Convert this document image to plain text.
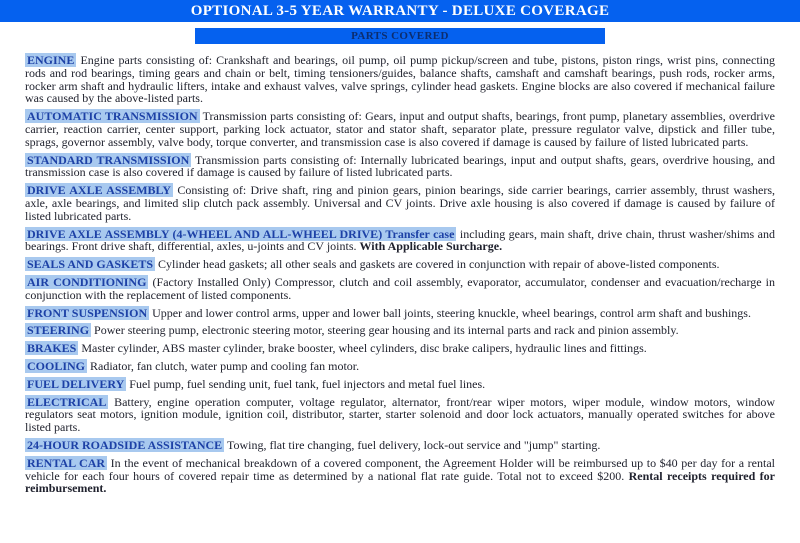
OPTIONAL 3-5 YEAR WARRANTY - DELUXE COVERAGE
PARTS COVERED

ENGINE Engine parts consisting of: Crankshaft and bearings, oil pump, oil pump pickup/screen and tube, pistons, piston rings, wrist pins, connecting rods and rod bearings, timing gears and chain or belt, timing tensioners/guides, balance shafts, camshaft and camshaft bearings, push rods, rocker arms, rocker arm shaft and hydraulic lifters, intake and exhaust valves, valve springs, cylinder head gaskets. Engine blocks are also covered if mechanical failure was caused by the above-listed parts.

AUTOMATIC TRANSMISSION Transmission parts consisting of: Gears, input and output shafts, bearings, front pump, planetary assemblies, overdrive carrier, reaction carrier, center support, parking lock actuator, stator and stator shaft, separator plate, pressure regulator valve, dipstick and filler tube, sprags, governor assembly, valve body, torque converter, and transmission case is also covered if damage is caused by failure of listed lubricated parts.

STANDARD TRANSMISSION Transmission parts consisting of: Internally lubricated bearings, input and output shafts, gears, overdrive housing, and transmission case is also covered if damage is caused by failure of listed lubricated parts.

DRIVE AXLE ASSEMBLY Consisting of: Drive shaft, ring and pinion gears, pinion bearings, side carrier bearings, carrier assembly, thrust washers, axle, axle bearings, and limited slip clutch pack assembly. Universal and CV joints. Drive axle housing is also covered if damage is caused by failure of listed lubricated parts.

DRIVE AXLE ASSEMBLY (4-WHEEL AND ALL-WHEEL DRIVE) Transfer case including gears, main shaft, drive chain, thrust washer/shims and bearings. Front drive shaft, differential, axles, u-joints and CV joints. With Applicable Surcharge.

SEALS AND GASKETS Cylinder head gaskets; all other seals and gaskets are covered in conjunction with repair of above-listed components.

AIR CONDITIONING (Factory Installed Only) Compressor, clutch and coil assembly, evaporator, accumulator, condenser and evacuation/recharge in conjunction with the replacement of listed components.

FRONT SUSPENSION Upper and lower control arms, upper and lower ball joints, steering knuckle, wheel bearings, control arm shaft and bushings.

STEERING Power steering pump, electronic steering motor, steering gear housing and its internal parts and rack and pinion assembly.

BRAKES Master cylinder, ABS master cylinder, brake booster, wheel cylinders, disc brake calipers, hydraulic lines and fittings.

COOLING Radiator, fan clutch, water pump and cooling fan motor.

FUEL DELIVERY Fuel pump, fuel sending unit, fuel tank, fuel injectors and metal fuel lines.

ELECTRICAL Battery, engine operation computer, voltage regulator, alternator, front/rear wiper motors, wiper module, window motors, window regulators seat motors, ignition module, ignition coil, distributor, starter, starter solenoid and door lock actuators, manually operated switches for above listed parts.

24-HOUR ROADSIDE ASSISTANCE Towing, flat tire changing, fuel delivery, lock-out service and "jump" starting.

RENTAL CAR In the event of mechanical breakdown of a covered component, the Agreement Holder will be reimbursed up to $40 per day for a rental vehicle for each four hours of covered repair time as determined by a national flat rate guide. Total not to exceed $200. Rental receipts required for reimbursement.
